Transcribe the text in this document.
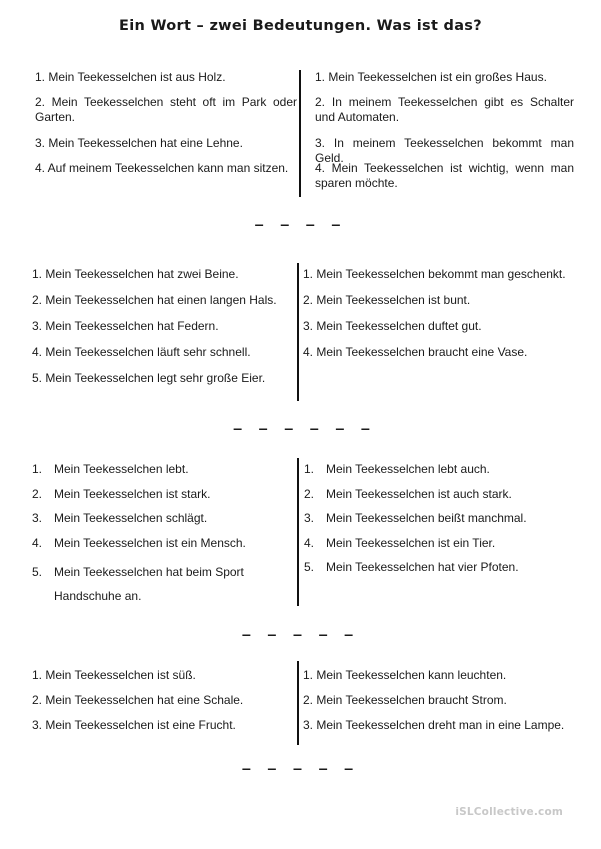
Ein Wort – zwei Bedeutungen. Was ist das?
1. Mein Teekesselchen ist aus Holz.
2. Mein Teekesselchen steht oft im Park oder Garten.
3. Mein Teekesselchen hat eine Lehne.
4. Auf meinem Teekesselchen kann man sitzen.
1. Mein Teekesselchen ist ein großes Haus.
2. In meinem Teekesselchen gibt es Schalter und Automaten.
3. In meinem Teekesselchen bekommt man Geld.
4. Mein Teekesselchen ist wichtig, wenn man sparen möchte.
_ _ _ _
1. Mein Teekesselchen hat zwei Beine.
2. Mein Teekesselchen hat einen langen Hals.
3. Mein Teekesselchen hat Federn.
4. Mein Teekesselchen läuft sehr schnell.
5. Mein Teekesselchen legt sehr große Eier.
1. Mein Teekesselchen bekommt man geschenkt.
2. Mein Teekesselchen ist bunt.
3. Mein Teekesselchen duftet gut.
4. Mein Teekesselchen braucht eine Vase.
_ _ _ _ _ _
1. Mein Teekesselchen lebt.
2. Mein Teekesselchen ist stark.
3. Mein Teekesselchen schlägt.
4. Mein Teekesselchen ist ein Mensch.
5. Mein Teekesselchen hat beim Sport Handschuhe an.
1. Mein Teekesselchen lebt auch.
2. Mein Teekesselchen ist auch stark.
3. Mein Teekesselchen beißt manchmal.
4. Mein Teekesselchen ist ein Tier.
5. Mein Teekesselchen hat vier Pfoten.
_ _ _ _ _
1. Mein Teekesselchen ist süß.
2. Mein Teekesselchen hat eine Schale.
3. Mein Teekesselchen ist eine Frucht.
1. Mein Teekesselchen kann leuchten.
2. Mein Teekesselchen braucht Strom.
3. Mein Teekesselchen dreht man in eine Lampe.
_ _ _ _ _
iSLCollective.com
